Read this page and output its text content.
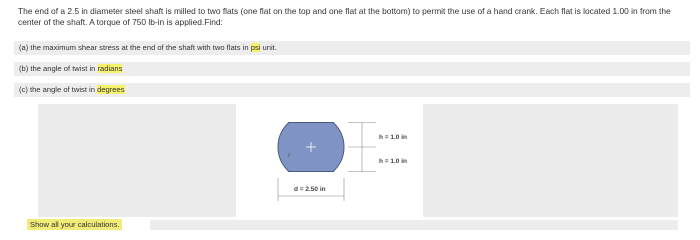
The end of a 2.5 in diameter steel shaft is milled to two flats (one flat on the top and one flat at the bottom) to permit the use of a hand crank. Each flat is located 1.00 in from the center of the shaft. A torque of 750 lb-in is applied.Find:
(a) the maximum shear stress at the end of the shaft with two flats in psi unit.
(b) the angle of twist in radians
(c) the angle of twist in degrees
r
h = 1.0 in
h = 1.0 in
d = 2.50 in
Show all your calculations.
